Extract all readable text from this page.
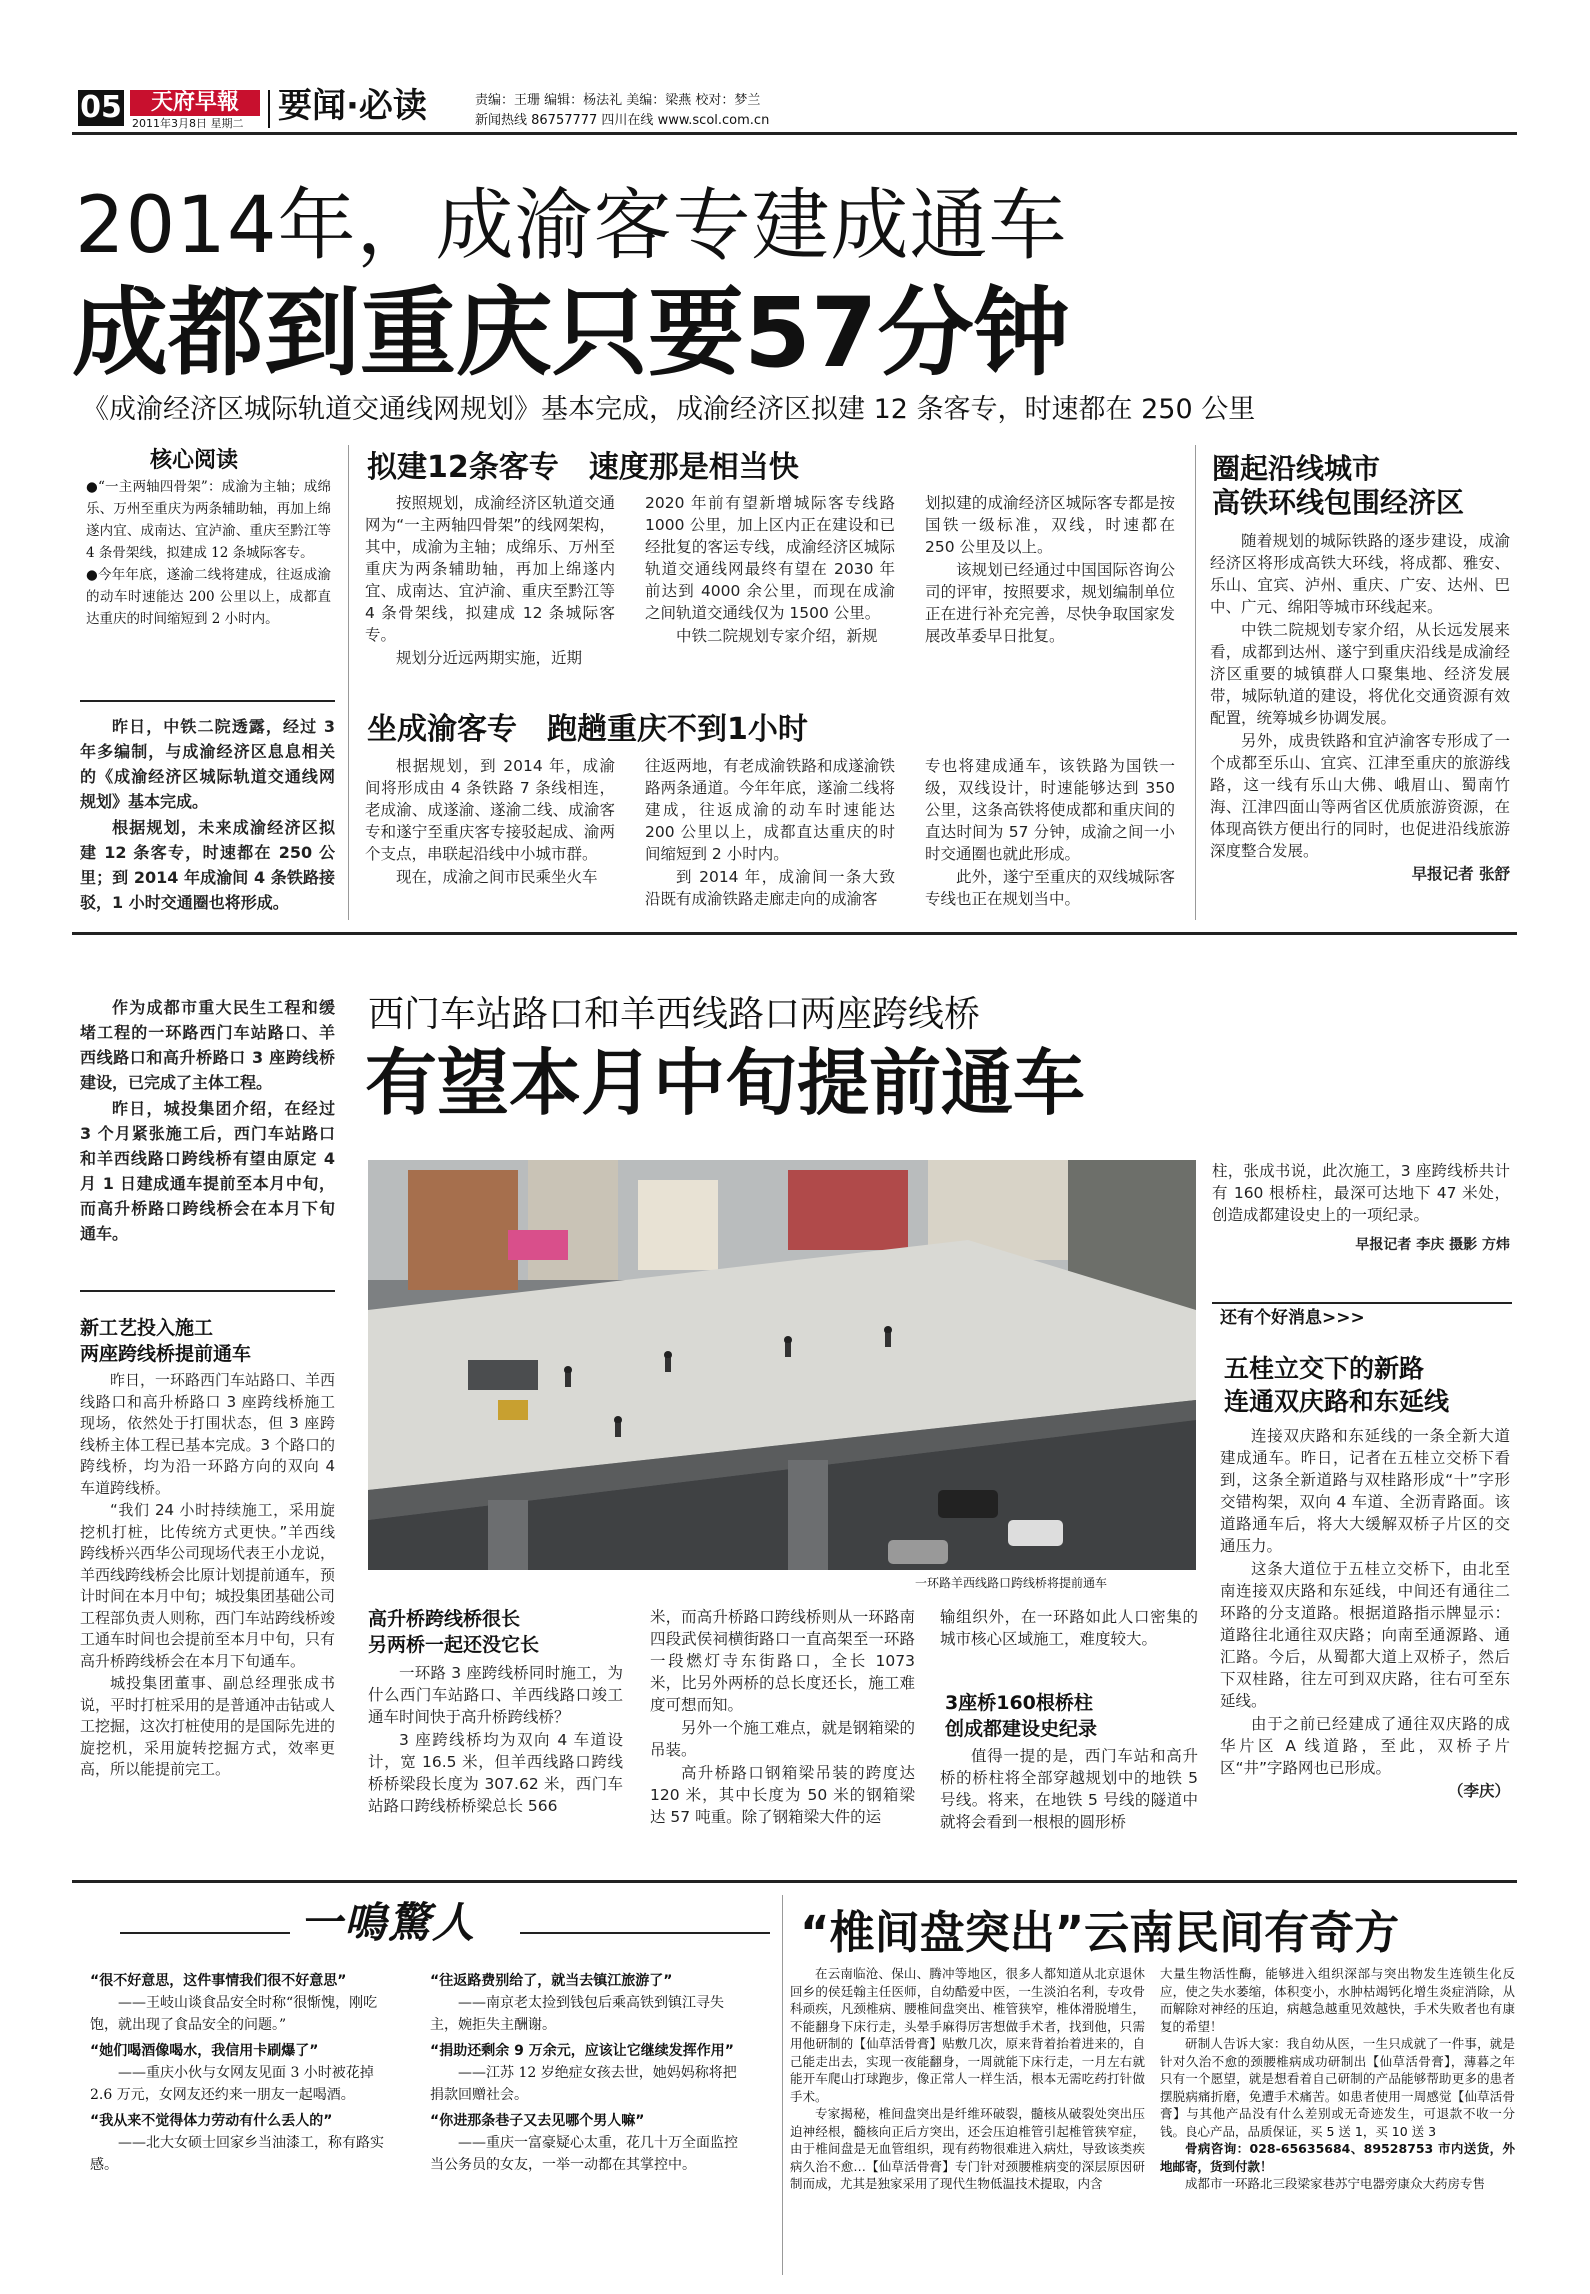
05	天府早報
2011年3月8日 星期二 要闻·必读	责编：王珊 编辑：杨法礼 美编：梁燕 校对：梦兰
新闻热线 86757777 四川在线 www.scol.com.cn
2014年，成渝客专建成通车
成都到重庆只要57分钟
《成渝经济区城际轨道交通线网规划》基本完成，成渝经济区拟建 12 条客专，时速都在 250 公里
核心阅读
●“一主两轴四骨架”：成渝为主轴；成绵乐、万州至重庆为两条辅助轴，再加上绵遂内宜、成南达、宜泸渝、重庆至黔江等 4 条骨架线，拟建成 12 条城际客专。
●今年年底，遂渝二线将建成，往返成渝的动车时速能达 200 公里以上，成都直达重庆的时间缩短到 2 小时内。

昨日，中铁二院透露，经过 3 年多编制，与成渝经济区息息相关的《成渝经济区城际轨道交通线网规划》基本完成。

根据规划，未来成渝经济区拟建 12 条客专，时速都在 250 公里；到 2014 年成渝间 4 条铁路接驳，1 小时交通圈也将形成。

拟建12条客专　速度那是相当快

按照规划，成渝经济区轨道交通网为“一主两轴四骨架”的线网架构，其中，成渝为主轴；成绵乐、万州至重庆为两条辅助轴，再加上绵遂内宜、成南达、宜泸渝、重庆至黔江等 4 条骨架线，拟建成 12 条城际客专。

规划分近远两期实施，近期

2020 年前有望新增城际客专线路 1000 公里，加上区内正在建设和已经批复的客运专线，成渝经济区城际轨道交通线网最终有望在 2030 年前达到 4000 余公里，而现在成渝之间轨道交通线仅为 1500 公里。

中铁二院规划专家介绍，新规

划拟建的成渝经济区城际客专都是按国铁一级标准，双线，时速都在 250 公里及以上。

该规划已经通过中国国际咨询公司的评审，按照要求，规划编制单位正在进行补充完善，尽快争取国家发展改革委早日批复。

坐成渝客专　跑趟重庆不到1小时

根据规划，到 2014 年，成渝间将形成由 4 条铁路 7 条线相连，老成渝、成遂渝、遂渝二线、成渝客专和遂宁至重庆客专接驳起成、渝两个支点，串联起沿线中小城市群。

现在，成渝之间市民乘坐火车

往返两地，有老成渝铁路和成遂渝铁路两条通道。今年年底，遂渝二线将建成，往返成渝的动车时速能达 200 公里以上，成都直达重庆的时间缩短到 2 小时内。

到 2014 年，成渝间一条大致沿既有成渝铁路走廊走向的成渝客

专也将建成通车，该铁路为国铁一级，双线设计，时速能够达到 350 公里，这条高铁将使成都和重庆间的直达时间为 57 分钟，成渝之间一小时交通圈也就此形成。

此外，遂宁至重庆的双线城际客专线也正在规划当中。

圈起沿线城市
高铁环线包围经济区

随着规划的城际铁路的逐步建设，成渝经济区将形成高铁大环线，将成都、雅安、乐山、宜宾、泸州、重庆、广安、达州、巴中、广元、绵阳等城市环线起来。

中铁二院规划专家介绍，从长远发展来看，成都到达州、遂宁到重庆沿线是成渝经济区重要的城镇群人口聚集地、经济发展带，城际轨道的建设，将优化交通资源有效配置，统筹城乡协调发展。

另外，成贵铁路和宜泸渝客专形成了一个成都至乐山、宜宾、江津至重庆的旅游线路，这一线有乐山大佛、峨眉山、蜀南竹海、江津四面山等两省区优质旅游资源，在体现高铁方便出行的同时，也促进沿线旅游深度整合发展。

早报记者 张舒

作为成都市重大民生工程和缓堵工程的一环路西门车站路口、羊西线路口和高升桥路口 3 座跨线桥建设，已完成了主体工程。

昨日，城投集团介绍，在经过 3 个月紧张施工后，西门车站路口和羊西线路口跨线桥有望由原定 4 月 1 日建成通车提前至本月中旬，而高升桥路口跨线桥会在本月下旬通车。

新工艺投入施工
两座跨线桥提前通车

昨日，一环路西门车站路口、羊西线路口和高升桥路口 3 座跨线桥施工现场，依然处于打围状态，但 3 座跨线桥主体工程已基本完成。3 个路口的跨线桥，均为沿一环路方向的双向 4 车道跨线桥。

“我们 24 小时持续施工，采用旋挖机打桩，比传统方式更快。”羊西线跨线桥兴西华公司现场代表王小龙说，羊西线跨线桥会比原计划提前通车，预计时间在本月中旬；城投集团基础公司工程部负责人则称，西门车站跨线桥竣工通车时间也会提前至本月中旬，只有高升桥跨线桥会在本月下旬通车。

城投集团董事、副总经理张成书说，平时打桩采用的是普通冲击钻或人工挖掘，这次打桩使用的是国际先进的旋挖机，采用旋转挖掘方式，效率更高，所以能提前完工。

西门车站路口和羊西线路口两座跨线桥
有望本月中旬提前通车
一环路羊西线路口跨线桥将提前通车

柱，张成书说，此次施工，3 座跨线桥共计有 160 根桥柱，最深可达地下 47 米处，创造成都建设史上的一项纪录。

早报记者 李庆 摄影 方炜
还有个好消息>>>
五桂立交下的新路
连通双庆路和东延线

连接双庆路和东延线的一条全新大道建成通车。昨日，记者在五桂立交桥下看到，这条全新道路与双桂路形成“十”字形交错构架，双向 4 车道、全沥青路面。该道路通车后，将大大缓解双桥子片区的交通压力。

这条大道位于五桂立交桥下，由北至南连接双庆路和东延线，中间还有通往二环路的分支道路。根据道路指示牌显示：道路往北通往双庆路；向南至通源路、通汇路。今后，从蜀都大道上双桥子，然后下双桂路，往左可到双庆路，往右可至东延线。

由于之前已经建成了通往双庆路的成华片区 A 线道路，至此，双桥子片区“井”字路网也已形成。

（李庆）
高升桥跨线桥很长
另两桥一起还没它长

一环路 3 座跨线桥同时施工，为什么西门车站路口、羊西线路口竣工通车时间快于高升桥跨线桥？

3 座跨线桥均为双向 4 车道设计，宽 16.5 米，但羊西线路口跨线桥桥梁段长度为 307.62 米，西门车站路口跨线桥桥梁总长 566

米，而高升桥路口跨线桥则从一环路南四段武侯祠横街路口一直高架至一环路一段燃灯寺东街路口，全长 1073 米，比另外两桥的总长度还长，施工难度可想而知。

另外一个施工难点，就是钢箱梁的吊装。

高升桥路口钢箱梁吊装的跨度达 120 米，其中长度为 50 米的钢箱梁达 57 吨重。除了钢箱梁大件的运

输组织外，在一环路如此人口密集的城市核心区域施工，难度较大。

3座桥160根桥柱
创成都建设史纪录

值得一提的是，西门车站和高升桥的桥柱将全部穿越规划中的地铁 5 号线。将来，在地铁 5 号线的隧道中就将会看到一根根的圆形桥

一鳴驚人
“很不好意思，这件事情我们很不好意思”
——王岐山谈食品安全时称“很惭愧，刚吃饱，就出现了食品安全的问题。”
“她们喝酒像喝水，我信用卡刷爆了”
——重庆小伙与女网友见面 3 小时被花掉 2.6 万元，女网友还约来一朋友一起喝酒。
“我从来不觉得体力劳动有什么丢人的”
——北大女硕士回家乡当油漆工，称有路实感。
“往返路费别给了，就当去镇江旅游了”
——南京老太捡到钱包后乘高铁到镇江寻失主，婉拒失主酬谢。
“捐助还剩余 9 万余元，应该让它继续发挥作用”
——江苏 12 岁绝症女孩去世，她妈妈称将把捐款回赠社会。
“你进那条巷子又去见哪个男人嘛”
——重庆一富豪疑心太重，花几十万全面监控当公务员的女友，一举一动都在其掌控中。
“椎间盘突出”云南民间有奇方

在云南临沧、保山、腾冲等地区，很多人都知道从北京退休回乡的侯廷翰主任医师，自幼酷爱中医，一生淡泊名利，专攻骨科顽疾，凡颈椎病、腰椎间盘突出、椎管狭窄，椎体滑脱增生，不能翻身下床行走，头晕手麻得厉害想做手术者，找到他，只需用他研制的【仙草活骨膏】贴敷几次，原来背着抬着进来的，自己能走出去，实现一夜能翻身，一周就能下床行走，一月左右就能开车爬山打球跑步，像正常人一样生活，根本无需吃药打针做手术。

专家揭秘，椎间盘突出是纤维环破裂，髓核从破裂处突出压迫神经根，髓核向正后方突出，还会压迫椎管引起椎管狭窄症，由于椎间盘是无血管组织，现有药物很难进入病灶，导致该类疾病久治不愈…【仙草活骨膏】专门针对颈腰椎病变的深层原因研制而成，尤其是独家采用了现代生物低温技术提取，内含

大量生物活性酶，能够进入组织深部与突出物发生连锁生化反应，使之失水萎缩，体积变小，水肿枯竭钙化增生炎症消除，从而解除对神经的压迫，病越急越重见效越快，手术失败者也有康复的希望！

研制人告诉大家：我自幼从医，一生只成就了一件事，就是针对久治不愈的颈腰椎病成功研制出【仙草活骨膏】，薄暮之年只有一个愿望，就是想看着自己研制的产品能够帮助更多的患者摆脱病痛折磨，免遭手术痛苦。如患者使用一周感觉【仙草活骨膏】与其他产品没有什么差别或无奇迹发生，可退款不收一分钱。良心产品，品质保证，买 5 送 1，买 10 送 3

骨病咨询：028-65635684、89528753 市内送货，外地邮寄，货到付款！

成都市一环路北三段梁家巷苏宁电器旁康众大药房专售
